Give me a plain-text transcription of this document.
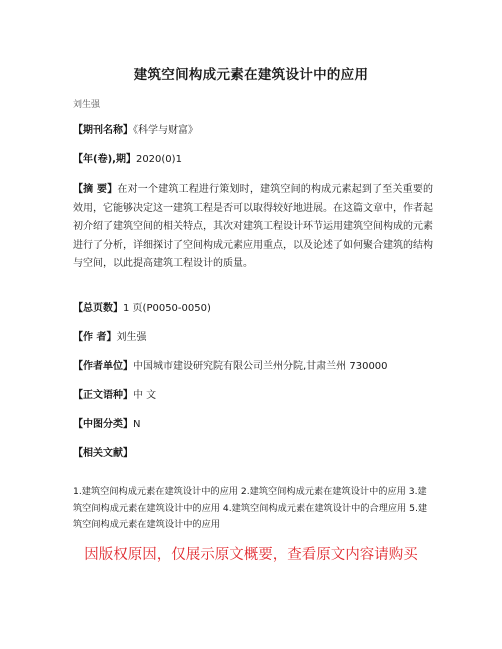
建筑空间构成元素在建筑设计中的应用
刘生强
【期刊名称】《科学与财富》
【年(卷),期】2020(0)1
【摘 要】在对一个建筑工程进行策划时，建筑空间的构成元素起到了至关重要的效用，它能够决定这一建筑工程是否可以取得较好地进展。在这篇文章中，作者起初介绍了建筑空间的相关特点，其次对建筑工程设计环节运用建筑空间构成的元素进行了分析，详细探讨了空间构成元素应用重点，以及论述了如何聚合建筑的结构与空间，以此提高建筑工程设计的质量。
【总页数】1 页(P0050-0050)
【作 者】刘生强
【作者单位】中国城市建设研究院有限公司兰州分院,甘肃兰州 730000
【正文语种】中 文
【中图分类】N
【相关文献】
1.建筑空间构成元素在建筑设计中的应用 2.建筑空间构成元素在建筑设计中的应用 3.建筑空间构成元素在建筑设计中的应用 4.建筑空间构成元素在建筑设计中的合理应用 5.建筑空间构成元素在建筑设计中的应用
因版权原因，仅展示原文概要，查看原文内容请购买
